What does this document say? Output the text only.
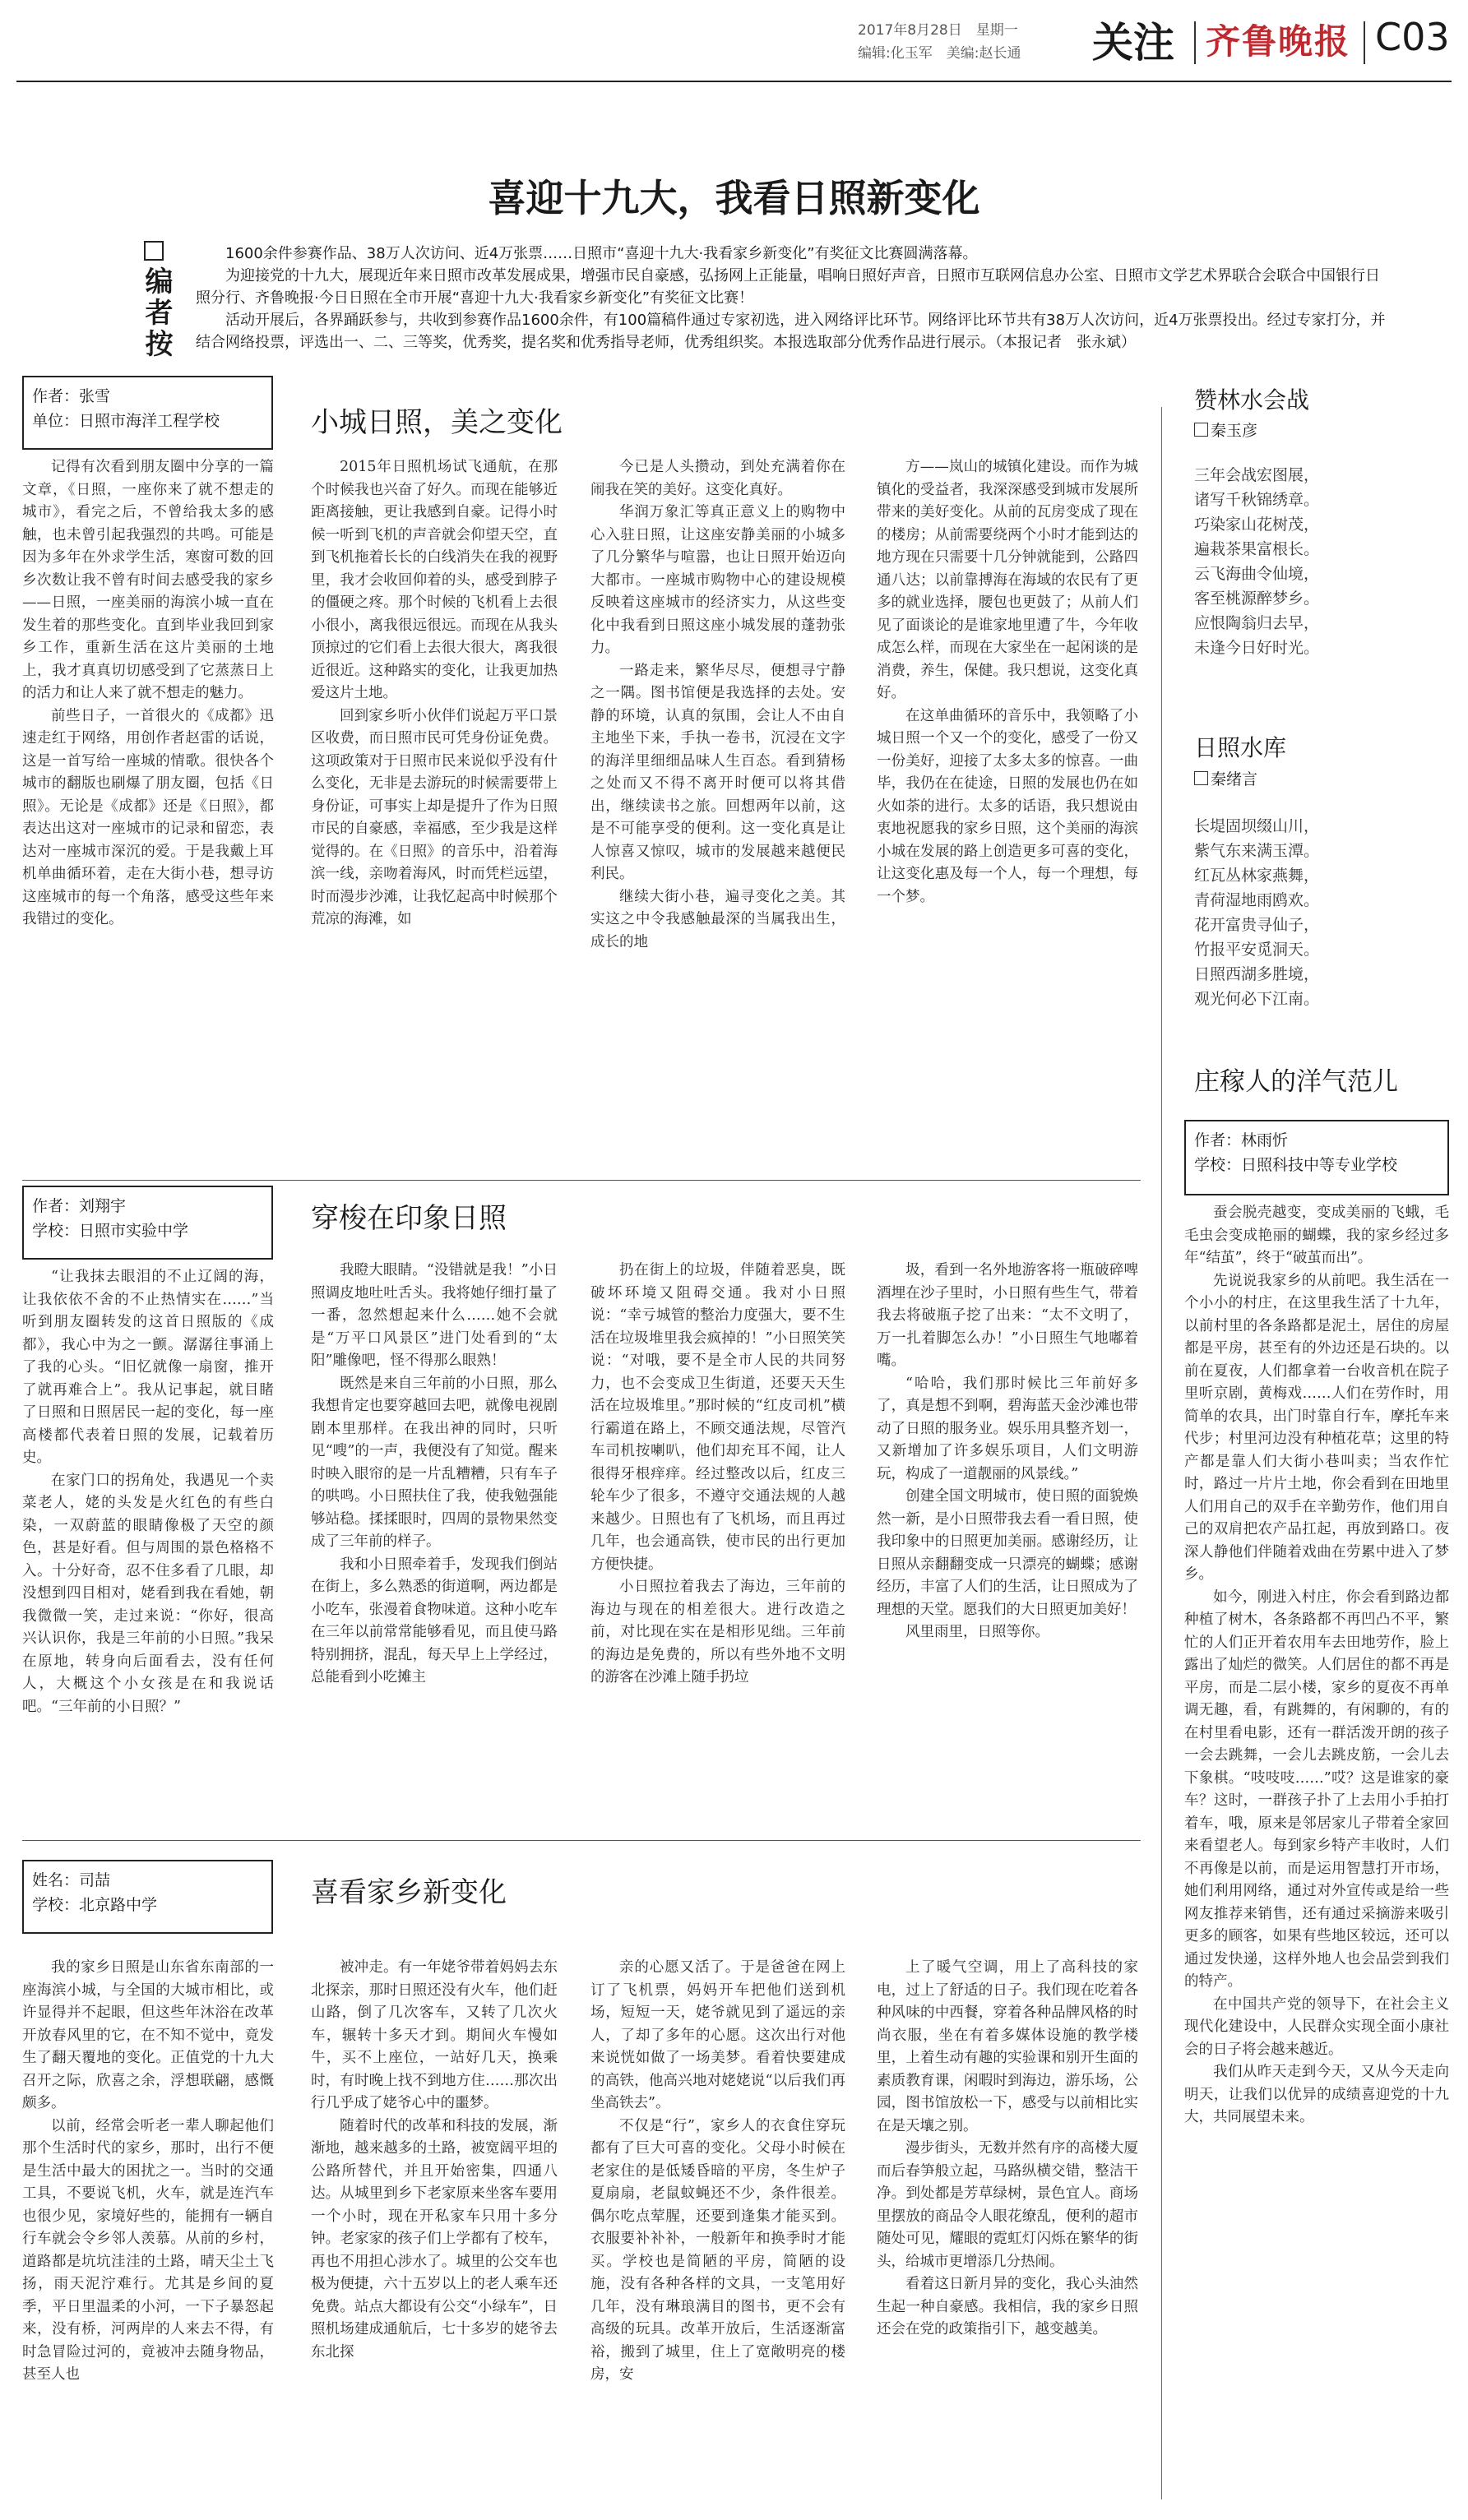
2017年8月28日　星期一
编辑:化玉军　美编:赵长通 关注 齐鲁晚报 C03
喜迎十九大，我看日照新变化
编者按

1600余件参赛作品、38万人次访问、近4万张票……日照市“喜迎十九大·我看家乡新变化”有奖征文比赛圆满落幕。

为迎接党的十九大，展现近年来日照市改革发展成果，增强市民自豪感，弘扬网上正能量，唱响日照好声音，日照市互联网信息办公室、日照市文学艺术界联合会联合中国银行日照分行、齐鲁晚报·今日日照在全市开展“喜迎十九大·我看家乡新变化”有奖征文比赛！

活动开展后，各界踊跃参与，共收到参赛作品1600余件，有100篇稿件通过专家初选，进入网络评比环节。网络评比环节共有38万人次访问，近4万张票投出。经过专家打分，并结合网络投票，评选出一、二、三等奖，优秀奖，提名奖和优秀指导老师，优秀组织奖。本报选取部分优秀作品进行展示。（本报记者　张永斌）

作者：张雪
单位：日照市海洋工程学校	小城日照，美之变化

记得有次看到朋友圈中分享的一篇文章，《日照，一座你来了就不想走的城市》，看完之后，不曾给我太多的感触，也未曾引起我强烈的共鸣。可能是因为多年在外求学生活，寒窗可数的回乡次数让我不曾有时间去感受我的家乡——日照，一座美丽的海滨小城一直在发生着的那些变化。直到毕业我回到家乡工作，重新生活在这片美丽的土地上，我才真真切切感受到了它蒸蒸日上的活力和让人来了就不想走的魅力。

前些日子，一首很火的《成都》迅速走红于网络，用创作者赵雷的话说，这是一首写给一座城的情歌。很快各个城市的翻版也刷爆了朋友圈，包括《日照》。无论是《成都》还是《日照》，都表达出这对一座城市的记录和留恋，表达对一座城市深沉的爱。于是我戴上耳机单曲循环着，走在大街小巷，想寻访这座城市的每一个角落，感受这些年来我错过的变化。

2015年日照机场试飞通航，在那个时候我也兴奋了好久。而现在能够近距离接触，更让我感到自豪。记得小时候一听到飞机的声音就会仰望天空，直到飞机拖着长长的白线消失在我的视野里，我才会收回仰着的头，感受到脖子的僵硬之疼。那个时候的飞机看上去很小很小，离我很远很远。而现在从我头顶掠过的它们看上去很大很大，离我很近很近。这种路实的变化，让我更加热爱这片土地。

回到家乡听小伙伴们说起万平口景区收费，而日照市民可凭身份证免费。这项政策对于日照市民来说似乎没有什么变化，无非是去游玩的时候需要带上身份证，可事实上却是提升了作为日照市民的自豪感，幸福感，至少我是这样觉得的。在《日照》的音乐中，沿着海滨一线，亲吻着海风，时而凭栏远望，时而漫步沙滩，让我忆起高中时候那个荒凉的海滩，如

今已是人头攒动，到处充满着你在闹我在笑的美好。这变化真好。

华润万象汇等真正意义上的购物中心入驻日照，让这座安静美丽的小城多了几分繁华与喧嚣，也让日照开始迈向大都市。一座城市购物中心的建设规模反映着这座城市的经济实力，从这些变化中我看到日照这座小城发展的蓬勃张力。

一路走来，繁华尽尽，便想寻宁静之一隅。图书馆便是我选择的去处。安静的环境，认真的氛围，会让人不由自主地坐下来，手执一卷书，沉浸在文字的海洋里细细品味人生百态。看到猜杨之处而又不得不离开时便可以将其借出，继续读书之旅。回想两年以前，这是不可能享受的便利。这一变化真是让人惊喜又惊叹，城市的发展越来越便民利民。

继续大街小巷，遍寻变化之美。其实这之中令我感触最深的当属我出生，成长的地

方——岚山的城镇化建设。而作为城镇化的受益者，我深深感受到城市发展所带来的美好变化。从前的瓦房变成了现在的楼房；从前需要绕两个小时才能到达的地方现在只需要十几分钟就能到，公路四通八达；以前靠搏海在海域的农民有了更多的就业选择，腰包也更鼓了；从前人们见了面谈论的是谁家地里遭了牛，今年收成怎么样，而现在大家坐在一起闲谈的是消费，养生，保健。我只想说，这变化真好。

在这单曲循环的音乐中，我领略了小城日照一个又一个的变化，感受了一份又一份美好，迎接了太多太多的惊喜。一曲毕，我仍在在徒途，日照的发展也仍在如火如荼的进行。太多的话语，我只想说由衷地祝愿我的家乡日照，这个美丽的海滨小城在发展的路上创造更多可喜的变化，让这变化惠及每一个人，每一个理想，每一个梦。

作者：刘翔宇
学校：日照市实验中学	穿梭在印象日照

“让我抹去眼泪的不止辽阔的海，让我依依不舍的不止热情实在……”当听到朋友圈转发的这首日照版的《成都》，我心中为之一颤。潺潺往事涌上了我的心头。“旧忆就像一扇窗，推开了就再难合上”。我从记事起，就目睹了日照和日照居民一起的变化，每一座高楼都代表着日照的发展，记载着历史。

在家门口的拐角处，我遇见一个卖菜老人，姥的头发是火红色的有些白染，一双蔚蓝的眼睛像极了天空的颜色，甚是好看。但与周围的景色格格不入。十分好奇，忍不住多看了几眼，却没想到四目相对，姥看到我在看她，朝我微微一笑，走过来说：“你好，很高兴认识你，我是三年前的小日照。”我呆在原地，转身向后面看去，没有任何人，大概这个小女孩是在和我说话吧。“三年前的小日照？”

我瞪大眼睛。“没错就是我！”小日照调皮地吐吐舌头。我将她仔细打量了一番，忽然想起来什么……她不会就是“万平口风景区”进门处看到的“太阳”雕像吧，怪不得那么眼熟！

既然是来自三年前的小日照，那么我想肯定也要穿越回去吧，就像电视剧剧本里那样。在我出神的同时，只听见“嗖”的一声，我便没有了知觉。醒来时映入眼帘的是一片乱糟糟，只有车子的哄鸣。小日照扶住了我，使我勉强能够站稳。揉揉眼时，四周的景物果然变成了三年前的样子。

我和小日照牵着手，发现我们倒站在街上，多么熟悉的街道啊，两边都是小吃车，张漫着食物味道。这种小吃车在三年以前常常能够看见，而且使马路特别拥挤，混乱，每天早上上学经过，总能看到小吃摊主

扔在街上的垃圾，伴随着恶臭，既破坏环境又阻碍交通。我对小日照说：“幸亏城管的整治力度强大，要不生活在垃圾堆里我会疯掉的！”小日照笑笑说：“对哦，要不是全市人民的共同努力，也不会变成卫生街道，还要天天生活在垃圾堆里。”那时候的“红皮司机”横行霸道在路上，不顾交通法规，尽管汽车司机按喇叭，他们却充耳不闻，让人很得牙根痒痒。经过整改以后，红皮三轮车少了很多，不遵守交通法规的人越来越少。日照也有了飞机场，而且再过几年，也会通高铁，使市民的出行更加方便快捷。

小日照拉着我去了海边，三年前的海边与现在的相差很大。进行改造之前，对比现在实在是相形见绌。三年前的海边是免费的，所以有些外地不文明的游客在沙滩上随手扔垃

圾，看到一名外地游客将一瓶破碎啤酒埋在沙子里时，小日照有些生气，带着我去将破瓶子挖了出来：“太不文明了，万一扎着脚怎么办！”小日照生气地嘟着嘴。

“哈哈，我们那时候比三年前好多了，真是想不到啊，碧海蓝天金沙滩也带动了日照的服务业。娱乐用具整齐划一，又新增加了许多娱乐项目，人们文明游玩，构成了一道靓丽的风景线。”

创建全国文明城市，使日照的面貌焕然一新，是小日照带我去看一看日照，使我印象中的日照更加美丽。感谢经历，让日照从亲翻翻变成一只漂亮的蝴蝶；感谢经历，丰富了人们的生活，让日照成为了理想的天堂。愿我们的大日照更加美好！

风里雨里，日照等你。

姓名：司喆
学校：北京路中学	喜看家乡新变化

我的家乡日照是山东省东南部的一座海滨小城，与全国的大城市相比，或许显得并不起眼，但这些年沐浴在改革开放春风里的它，在不知不觉中，竟发生了翻天覆地的变化。正值党的十九大召开之际，欣喜之余，浮想联翩，感慨颇多。

以前，经常会听老一辈人聊起他们那个生活时代的家乡，那时，出行不便是生活中最大的困扰之一。当时的交通工具，不要说飞机，火车，就是连汽车也很少见，家境好些的，能拥有一辆自行车就会令乡邻人羡慕。从前的乡村，道路都是坑坑洼洼的土路，晴天尘土飞扬，雨天泥泞难行。尤其是乡间的夏季，平日里温柔的小河，一下子暴怒起来，没有桥，河两岸的人来去不得，有时急冒险过河的，竟被冲去随身物品，甚至人也

被冲走。有一年姥爷带着妈妈去东北探亲，那时日照还没有火车，他们赶山路，倒了几次客车，又转了几次火车，辗转十多天才到。期间火车慢如牛，买不上座位，一站好几天，换乘时，有时晚上找不到地方住……那次出行几乎成了姥爷心中的噩梦。

随着时代的改革和科技的发展，渐渐地，越来越多的土路，被宽阔平坦的公路所替代，并且开始密集，四通八达。从城里到乡下老家原来坐客车要用一个小时，现在开私家车只用十多分钟。老家家的孩子们上学都有了校车，再也不用担心涉水了。城里的公交车也极为便捷，六十五岁以上的老人乘车还免费。站点大都设有公交“小绿车”，日照机场建成通航后，七十多岁的姥爷去东北探

亲的心愿又活了。于是爸爸在网上订了飞机票，妈妈开车把他们送到机场，短短一天，姥爷就见到了遥远的亲人，了却了多年的心愿。这次出行对他来说恍如做了一场美梦。看着快要建成的高铁，他高兴地对姥姥说“以后我们再坐高铁去”。

不仅是“行”，家乡人的衣食住穿玩都有了巨大可喜的变化。父母小时候在老家住的是低矮昏暗的平房，冬生炉子夏扇扇，老鼠蚊蝇还不少，条件很差。偶尔吃点荤腥，还要到逢集才能买到。衣服要补补补，一般新年和换季时才能买。学校也是简陋的平房，简陋的设施，没有各种各样的文具，一支笔用好几年，没有琳琅满目的图书，更不会有高级的玩具。改革开放后，生活逐渐富裕，搬到了城里，住上了宽敞明亮的楼房，安

上了暖气空调，用上了高科技的家电，过上了舒适的日子。我们现在吃着各种风味的中西餐，穿着各种品牌风格的时尚衣服，坐在有着多媒体设施的教学楼里，上着生动有趣的实验课和别开生面的素质教育课，闲暇时到海边，游乐场，公园，图书馆放松一下，感受与以前相比实在是天壤之别。

漫步街头，无数并然有序的高楼大厦而后春笋般立起，马路纵横交错，整洁干净。到处都是芳草绿树，景色宜人。商场里摆放的商品令人眼花缭乱，便利的超市随处可见，耀眼的霓虹灯闪烁在繁华的街头，给城市更增添几分热闹。

看着这日新月异的变化，我心头油然生起一种自豪感。我相信，我的家乡日照还会在党的政策指引下，越变越美。

赞林水会战
秦玉彦
三年会战宏图展，
诸写千秋锦绣章。
巧染家山花树茂，
遍栽茶果富根长。
云飞海曲令仙境，
客至桃源醉梦乡。
应恨陶翁归去早，
未逢今日好时光。
日照水库
秦绪言
长堤固坝缀山川，
紫气东来满玉潭。
红瓦丛林家燕舞，
青荷湿地雨鸥欢。
花开富贵寻仙子，
竹报平安觅洞天。
日照西湖多胜境，
观光何必下江南。
庄稼人的洋气范儿
作者：林雨忻
学校：日照科技中等专业学校

蚕会脱壳越变，变成美丽的飞蛾，毛毛虫会变成艳丽的蝴蝶，我的家乡经过多年“结茧”，终于“破茧而出”。

先说说我家乡的从前吧。我生活在一个小小的村庄，在这里我生活了十九年，以前村里的各条路都是泥土，居住的房屋都是平房，甚至有的外边还是石块的。以前在夏夜，人们都拿着一台收音机在院子里听京剧，黄梅戏……人们在劳作时，用简单的农具，出门时靠自行车，摩托车来代步；村里河边没有种植花草；这里的特产都是靠人们大街小巷叫卖；当农作忙时，路过一片片土地，你会看到在田地里人们用自己的双手在辛勤劳作，他们用自己的双肩把农产品扛起，再放到路口。夜深人静他们伴随着戏曲在劳累中进入了梦乡。

如今，刚进入村庄，你会看到路边都种植了树木，各条路都不再凹凸不平，繁忙的人们正开着农用车去田地劳作，脸上露出了灿烂的微笑。人们居住的都不再是平房，而是二层小楼，家乡的夏夜不再单调无趣，看，有跳舞的，有闲聊的，有的在村里看电影，还有一群活泼开朗的孩子一会去跳舞，一会儿去跳皮筋，一会儿去下象棋。“吱吱吱……”哎？这是谁家的豪车？这时，一群孩子扑了上去用小手拍打着车，哦，原来是邻居家儿子带着全家回来看望老人。每到家乡特产丰收时，人们不再像是以前，而是运用智慧打开市场，她们利用网络，通过对外宣传或是给一些网友推荐来销售，还有通过采摘游来吸引更多的顾客，如果有些地区较远，还可以通过发快递，这样外地人也会品尝到我们的特产。

在中国共产党的领导下，在社会主义现代化建设中，人民群众实现全面小康社会的日子将会越来越近。

我们从昨天走到今天，又从今天走向明天，让我们以优异的成绩喜迎党的十九大，共同展望未来。
